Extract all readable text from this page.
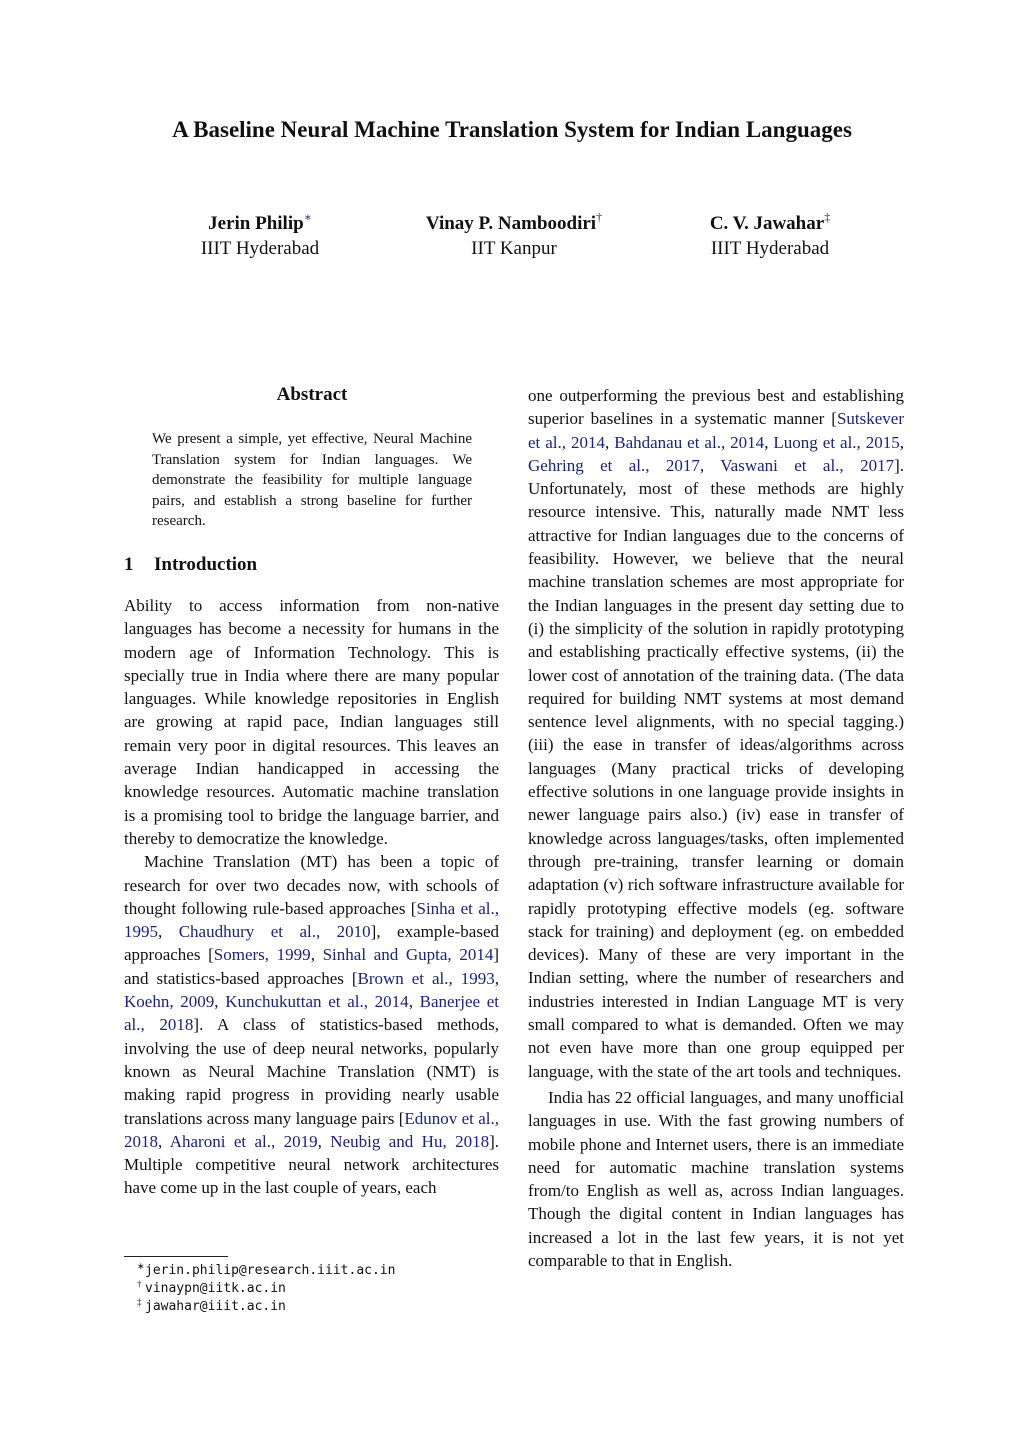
A Baseline Neural Machine Translation System for Indian Languages
Jerin Philip∗
IIIT Hyderabad
Vinay P. Namboodiri†
IIT Kanpur
C. V. Jawahar‡
IIIT Hyderabad
Abstract
We present a simple, yet effective, Neural Machine Translation system for Indian languages. We demonstrate the feasibility for multiple language pairs, and establish a strong baseline for further research.
1 Introduction

Ability to access information from non-native languages has become a necessity for humans in the modern age of Information Technology. This is specially true in India where there are many popular languages. While knowledge repositories in English are growing at rapid pace, Indian languages still remain very poor in digital resources. This leaves an average Indian handicapped in accessing the knowledge resources. Automatic machine translation is a promising tool to bridge the language barrier, and thereby to democratize the knowledge.

Machine Translation (MT) has been a topic of research for over two decades now, with schools of thought following rule-based approaches [Sinha et al., 1995, Chaudhury et al., 2010], example-based approaches [Somers, 1999, Sinhal and Gupta, 2014] and statistics-based approaches [Brown et al., 1993, Koehn, 2009, Kunchukuttan et al., 2014, Banerjee et al., 2018]. A class of statistics-based methods, involving the use of deep neural networks, popularly known as Neural Machine Translation (NMT) is making rapid progress in providing nearly usable translations across many language pairs [Edunov et al., 2018, Aharoni et al., 2019, Neubig and Hu, 2018]. Multiple competitive neural network architectures have come up in the last couple of years, each

one outperforming the previous best and establishing superior baselines in a systematic manner [Sutskever et al., 2014, Bahdanau et al., 2014, Luong et al., 2015, Gehring et al., 2017, Vaswani et al., 2017]. Unfortunately, most of these methods are highly resource intensive. This, naturally made NMT less attractive for Indian languages due to the concerns of feasibility. However, we believe that the neural machine translation schemes are most appropriate for the Indian languages in the present day setting due to (i) the simplicity of the solution in rapidly prototyping and establishing practically effective systems, (ii) the lower cost of annotation of the training data. (The data required for building NMT systems at most demand sentence level alignments, with no special tagging.) (iii) the ease in transfer of ideas/algorithms across languages (Many practical tricks of developing effective solutions in one language provide insights in newer language pairs also.) (iv) ease in transfer of knowledge across languages/tasks, often implemented through pre-training, transfer learning or domain adaptation (v) rich software infrastructure available for rapidly prototyping effective models (eg. software stack for training) and deployment (eg. on embedded devices). Many of these are very important in the Indian setting, where the number of researchers and industries interested in Indian Language MT is very small compared to what is demanded. Often we may not even have more than one group equipped per language, with the state of the art tools and techniques.

India has 22 official languages, and many unofficial languages in use. With the fast growing numbers of mobile phone and Internet users, there is an immediate need for automatic machine translation systems from/to English as well as, across Indian languages. Though the digital content in Indian languages has increased a lot in the last few years, it is not yet comparable to that in English.

∗ jerin.philip@research.iiit.ac.in
† vinaypn@iitk.ac.in
‡ jawahar@iiit.ac.in
